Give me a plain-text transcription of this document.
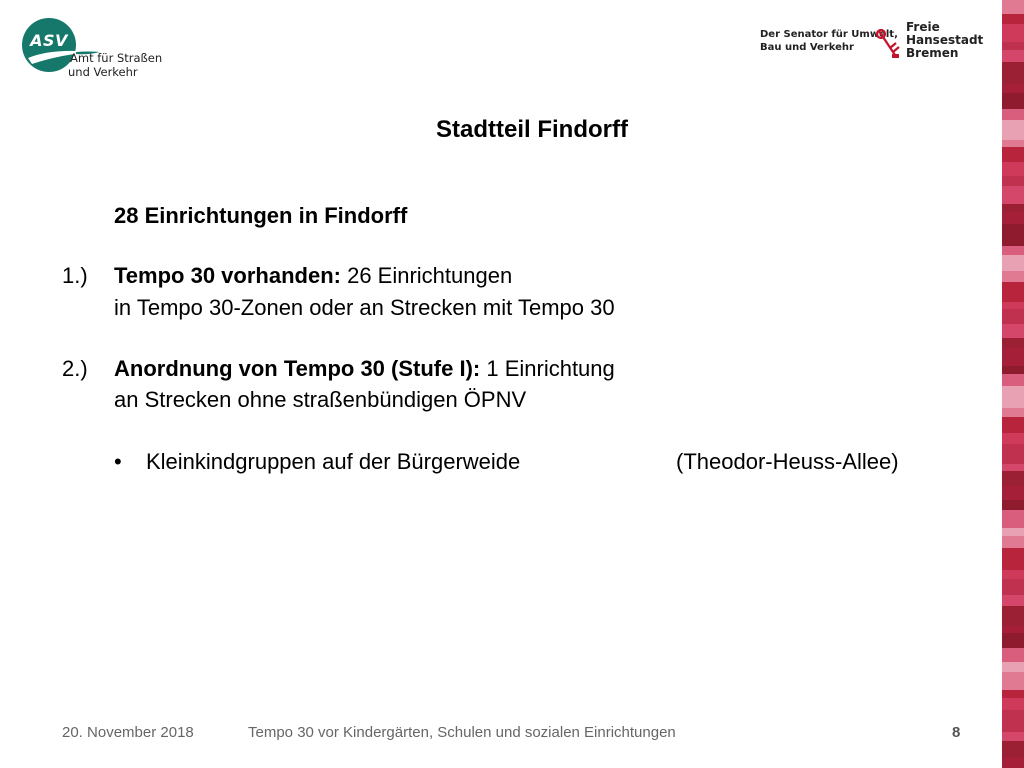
ASV
Amt für Straßen
und Verkehr
Der Senator für Umwelt,
Bau und Verkehr
Freie
Hansestadt
Bremen
Stadtteil Findorff
28 Einrichtungen in Findorff
1.) Tempo 30 vorhanden: 26 Einrichtungen
in Tempo 30-Zonen oder an Strecken mit Tempo 30
2.) Anordnung von Tempo 30 (Stufe I): 1 Einrichtung
an Strecken ohne straßenbündigen ÖPNV
• Kleinkindgruppen auf der Bürgerweide	(Theodor-Heuss-Allee)
20. November 2018	Tempo 30 vor Kindergärten, Schulen und sozialen Einrichtungen	8
